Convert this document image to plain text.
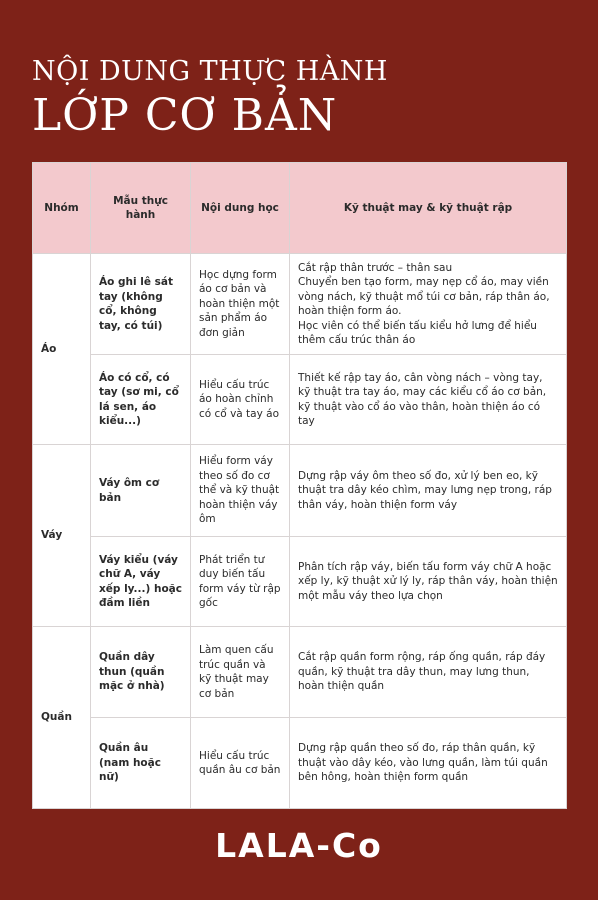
NỘI DUNG THỰC HÀNH
LỚP CƠ BẢN
Nhóm	Mẫu thực hành	Nội dung học	Kỹ thuật may & kỹ thuật rập
Áo	Áo ghi lê sát tay (không cổ, không tay, có túi)	Học dựng form áo cơ bản và hoàn thiện một sản phẩm áo đơn giản	Cắt rập thân trước – thân sau
Chuyển ben tạo form, may nẹp cổ áo, may viền vòng nách, kỹ thuật mổ túi cơ bản, ráp thân áo, hoàn thiện form áo.
Học viên có thể biến tấu kiểu hở lưng để hiểu thêm cấu trúc thân áo
	Áo có cổ, có tay (sơ mi, cổ lá sen, áo kiểu...)	Hiểu cấu trúc áo hoàn chỉnh có cổ và tay áo	Thiết kế rập tay áo, cân vòng nách – vòng tay, kỹ thuật tra tay áo, may các kiểu cổ áo cơ bản, kỹ thuật vào cổ áo vào thân, hoàn thiện áo có tay
Váy	Váy ôm cơ bản	Hiểu form váy theo số đo cơ thể và kỹ thuật hoàn thiện váy ôm	Dựng rập váy ôm theo số đo, xử lý ben eo, kỹ thuật tra dây kéo chìm, may lưng nẹp trong, ráp thân váy, hoàn thiện form váy
	Váy kiểu (váy chữ A, váy xếp ly...) hoặc đầm liền	Phát triển tư duy biến tấu form váy từ rập gốc	Phân tích rập váy, biến tấu form váy chữ A hoặc xếp ly, kỹ thuật xử lý ly, ráp thân váy, hoàn thiện một mẫu váy theo lựa chọn
Quần	Quần dây thun (quần mặc ở nhà)	Làm quen cấu trúc quần và kỹ thuật may cơ bản	Cắt rập quần form rộng, ráp ống quần, ráp đáy quần, kỹ thuật tra dây thun, may lưng thun, hoàn thiện quần
	Quần âu (nam hoặc nữ)	Hiểu cấu trúc quần âu cơ bản	Dựng rập quần theo số đo, ráp thân quần, kỹ thuật vào dây kéo, vào lưng quần, làm túi quần bên hông, hoàn thiện form quần
LALA-Co
